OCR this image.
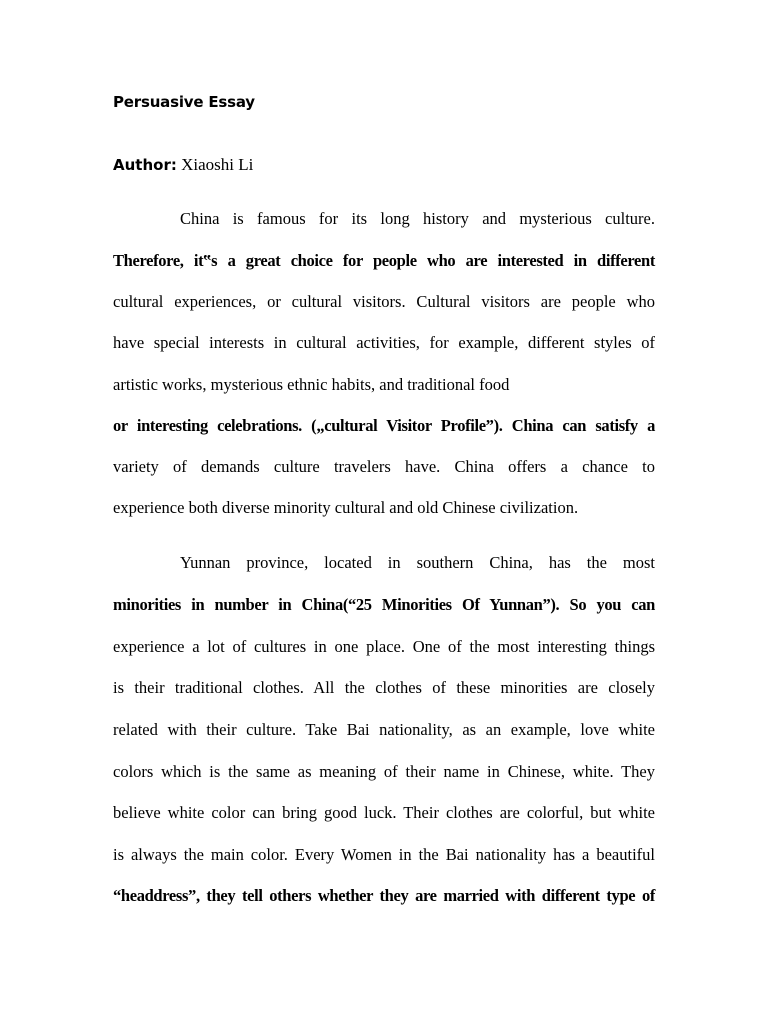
Persuasive Essay
Author: Xiaoshi Li
China is famous for its long history and mysterious culture.
Therefore, it‟s a great choice for people who are interested in different
cultural experiences, or cultural visitors. Cultural visitors are people who
have special interests in cultural activities, for example, different styles of
artistic works, mysterious ethnic habits, and traditional food
or interesting celebrations. („cultural Visitor Profile”). China can satisfy a
variety of demands culture travelers have. China offers a chance to
experience both diverse minority cultural and old Chinese civilization.
Yunnan province, located in southern China, has the most
minorities in number in China(“25 Minorities Of Yunnan”). So you can
experience a lot of cultures in one place. One of the most interesting things
is their traditional clothes. All the clothes of these minorities are closely
related with their culture. Take Bai nationality, as an example, love white
colors which is the same as meaning of their name in Chinese, white. They
believe white color can bring good luck. Their clothes are colorful, but white
is always the main color. Every Women in the Bai nationality has a beautiful
“headdress”, they tell others whether they are married with different type of
